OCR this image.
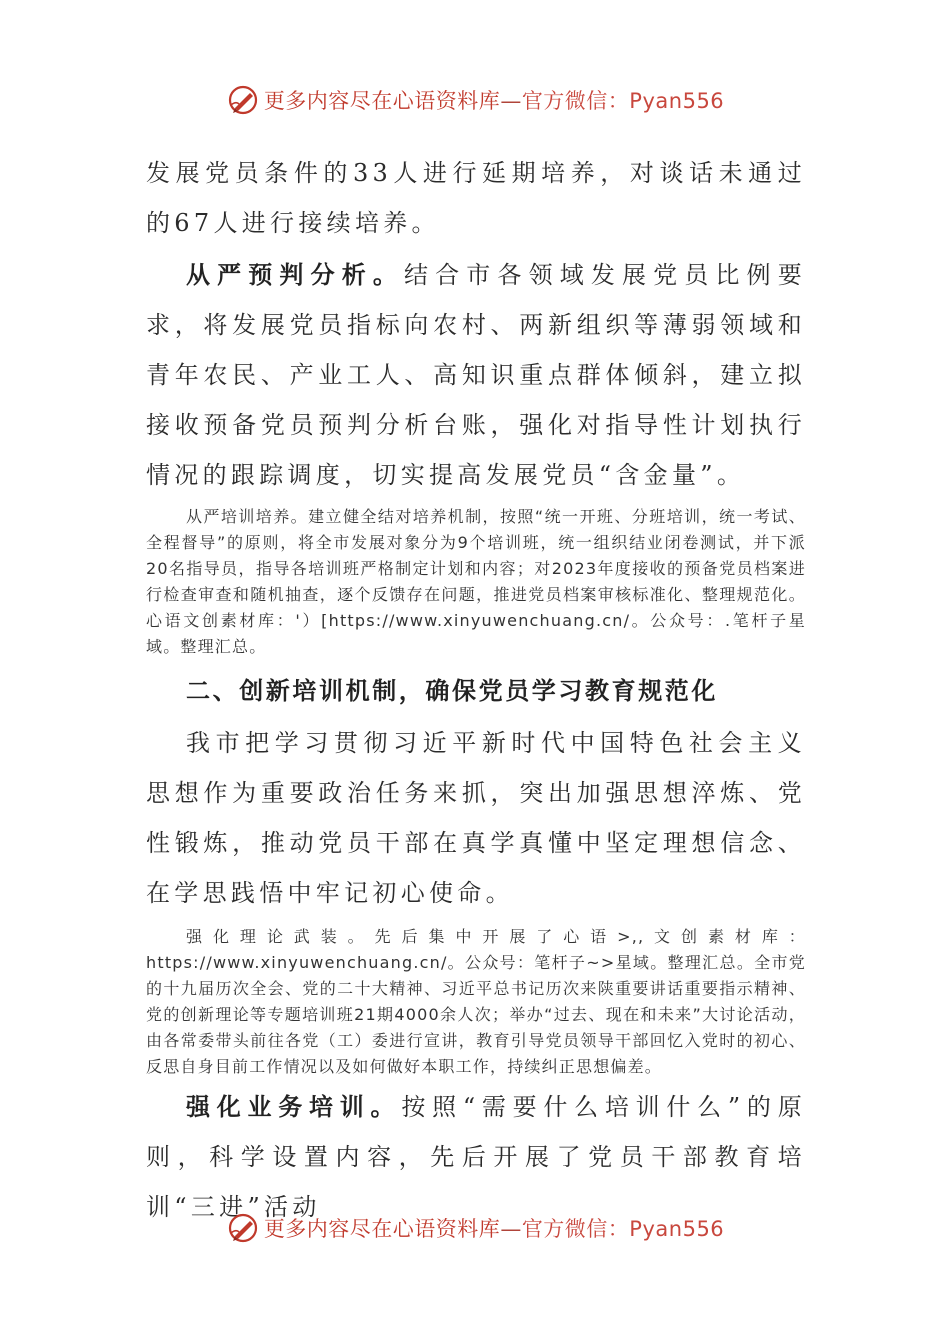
更多内容尽在心语资料库—官方微信：Pyan556

发展党员条件的33人进行延期培养，对谈话未通过的67人进行接续培养。

从严预判分析。结合市各领域发展党员比例要求，将发展党员指标向农村、两新组织等薄弱领域和青年农民、产业工人、高知识重点群体倾斜，建立拟接收预备党员预判分析台账，强化对指导性计划执行情况的跟踪调度，切实提高发展党员“含金量”。

从严培训培养。建立健全结对培养机制，按照“统一开班、分班培训，统一考试、全程督导”的原则，将全市发展对象分为9个培训班，统一组织结业闭卷测试，并下派20名指导员，指导各培训班严格制定计划和内容；对2023年度接收的预备党员档案进行检查审查和随机抽查，逐个反馈存在问题，推进党员档案审核标准化、整理规范化。心语文创素材库：'）[https://www.xinyuwenchuang.cn/。公众号：.笔杆子星域。整理汇总。

二、创新培训机制，确保党员学习教育规范化

我市把学习贯彻习近平新时代中国特色社会主义思想作为重要政治任务来抓，突出加强思想淬炼、党性锻炼，推动党员干部在真学真懂中坚定理想信念、在学思践悟中牢记初心使命。

强化理论武装。先后集中开展了心语>,,文创素材库：https://www.xinyuwenchuang.cn/。公众号：笔杆子~>星域。整理汇总。全市党的十九届历次全会、党的二十大精神、习近平总书记历次来陕重要讲话重要指示精神、党的创新理论等专题培训班21期4000余人次；举办“过去、现在和未来”大讨论活动，由各常委带头前往各党（工）委进行宣讲，教育引导党员领导干部回忆入党时的初心、反思自身目前工作情况以及如何做好本职工作，持续纠正思想偏差。

强化业务培训。按照“需要什么培训什么”的原则，科学设置内容，先后开展了党员干部教育培训“三进”活动

更多内容尽在心语资料库—官方微信：Pyan556
